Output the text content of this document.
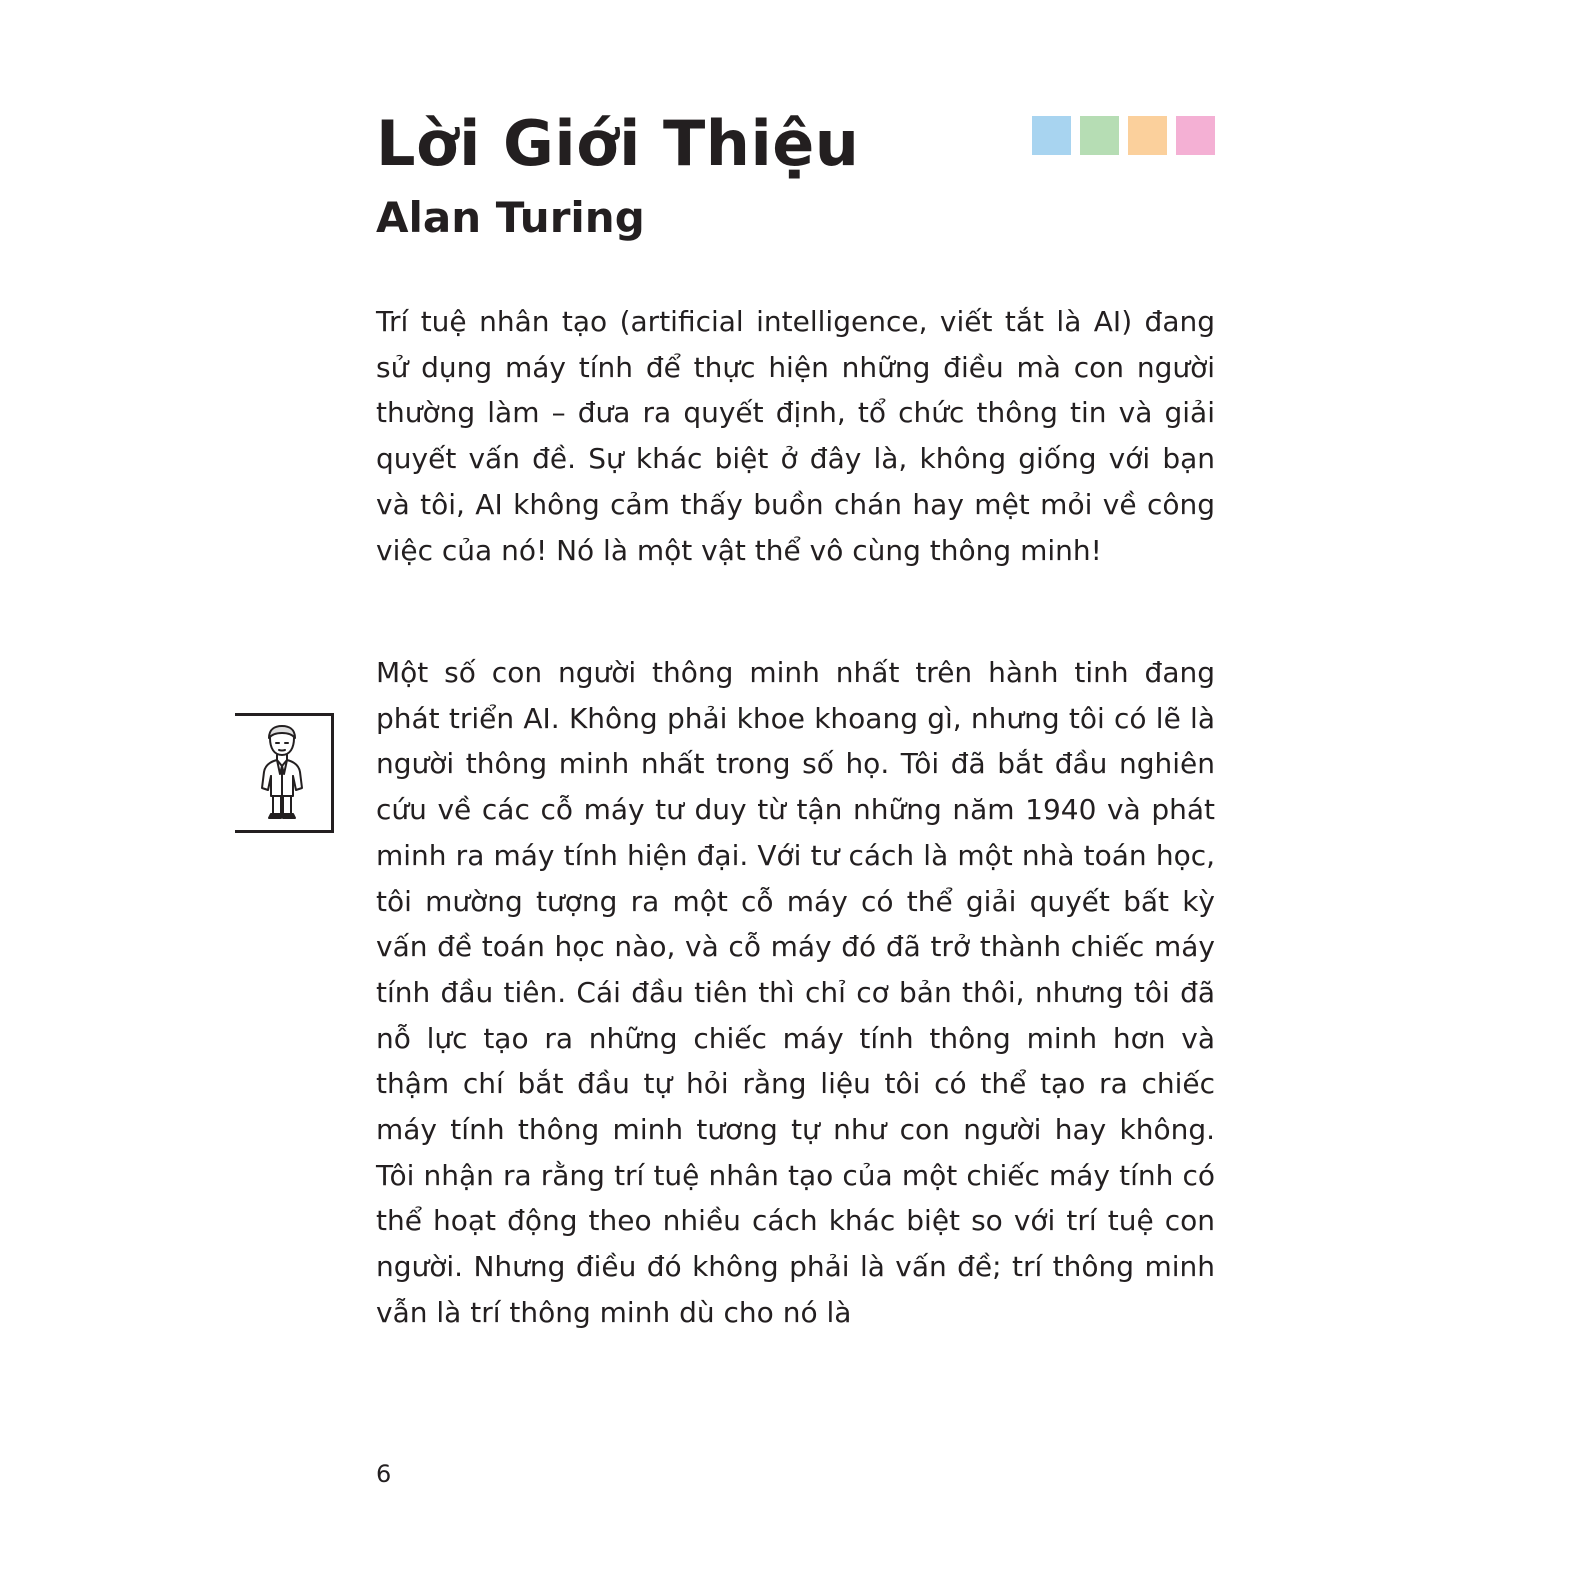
Lời Giới Thiệu
Alan Turing

Trí tuệ nhân tạo (artificial intelligence, viết tắt là AI) đang sử dụng máy tính để thực hiện những điều mà con người thường làm – đưa ra quyết định, tổ chức thông tin và giải quyết vấn đề. Sự khác biệt ở đây là, không giống với bạn và tôi, AI không cảm thấy buồn chán hay mệt mỏi về công việc của nó! Nó là một vật thể vô cùng thông minh!

Một số con người thông minh nhất trên hành tinh đang phát triển AI. Không phải khoe khoang gì, nhưng tôi có lẽ là người thông minh nhất trong số họ. Tôi đã bắt đầu nghiên cứu về các cỗ máy tư duy từ tận những năm 1940 và phát minh ra máy tính hiện đại. Với tư cách là một nhà toán học, tôi mường tượng ra một cỗ máy có thể giải quyết bất kỳ vấn đề toán học nào, và cỗ máy đó đã trở thành chiếc máy tính đầu tiên. Cái đầu tiên thì chỉ cơ bản thôi, nhưng tôi đã nỗ lực tạo ra những chiếc máy tính thông minh hơn và thậm chí bắt đầu tự hỏi rằng liệu tôi có thể tạo ra chiếc máy tính thông minh tương tự như con người hay không. Tôi nhận ra rằng trí tuệ nhân tạo của một chiếc máy tính có thể hoạt động theo nhiều cách khác biệt so với trí tuệ con người. Nhưng điều đó không phải là vấn đề; trí thông minh vẫn là trí thông minh dù cho nó là

6
